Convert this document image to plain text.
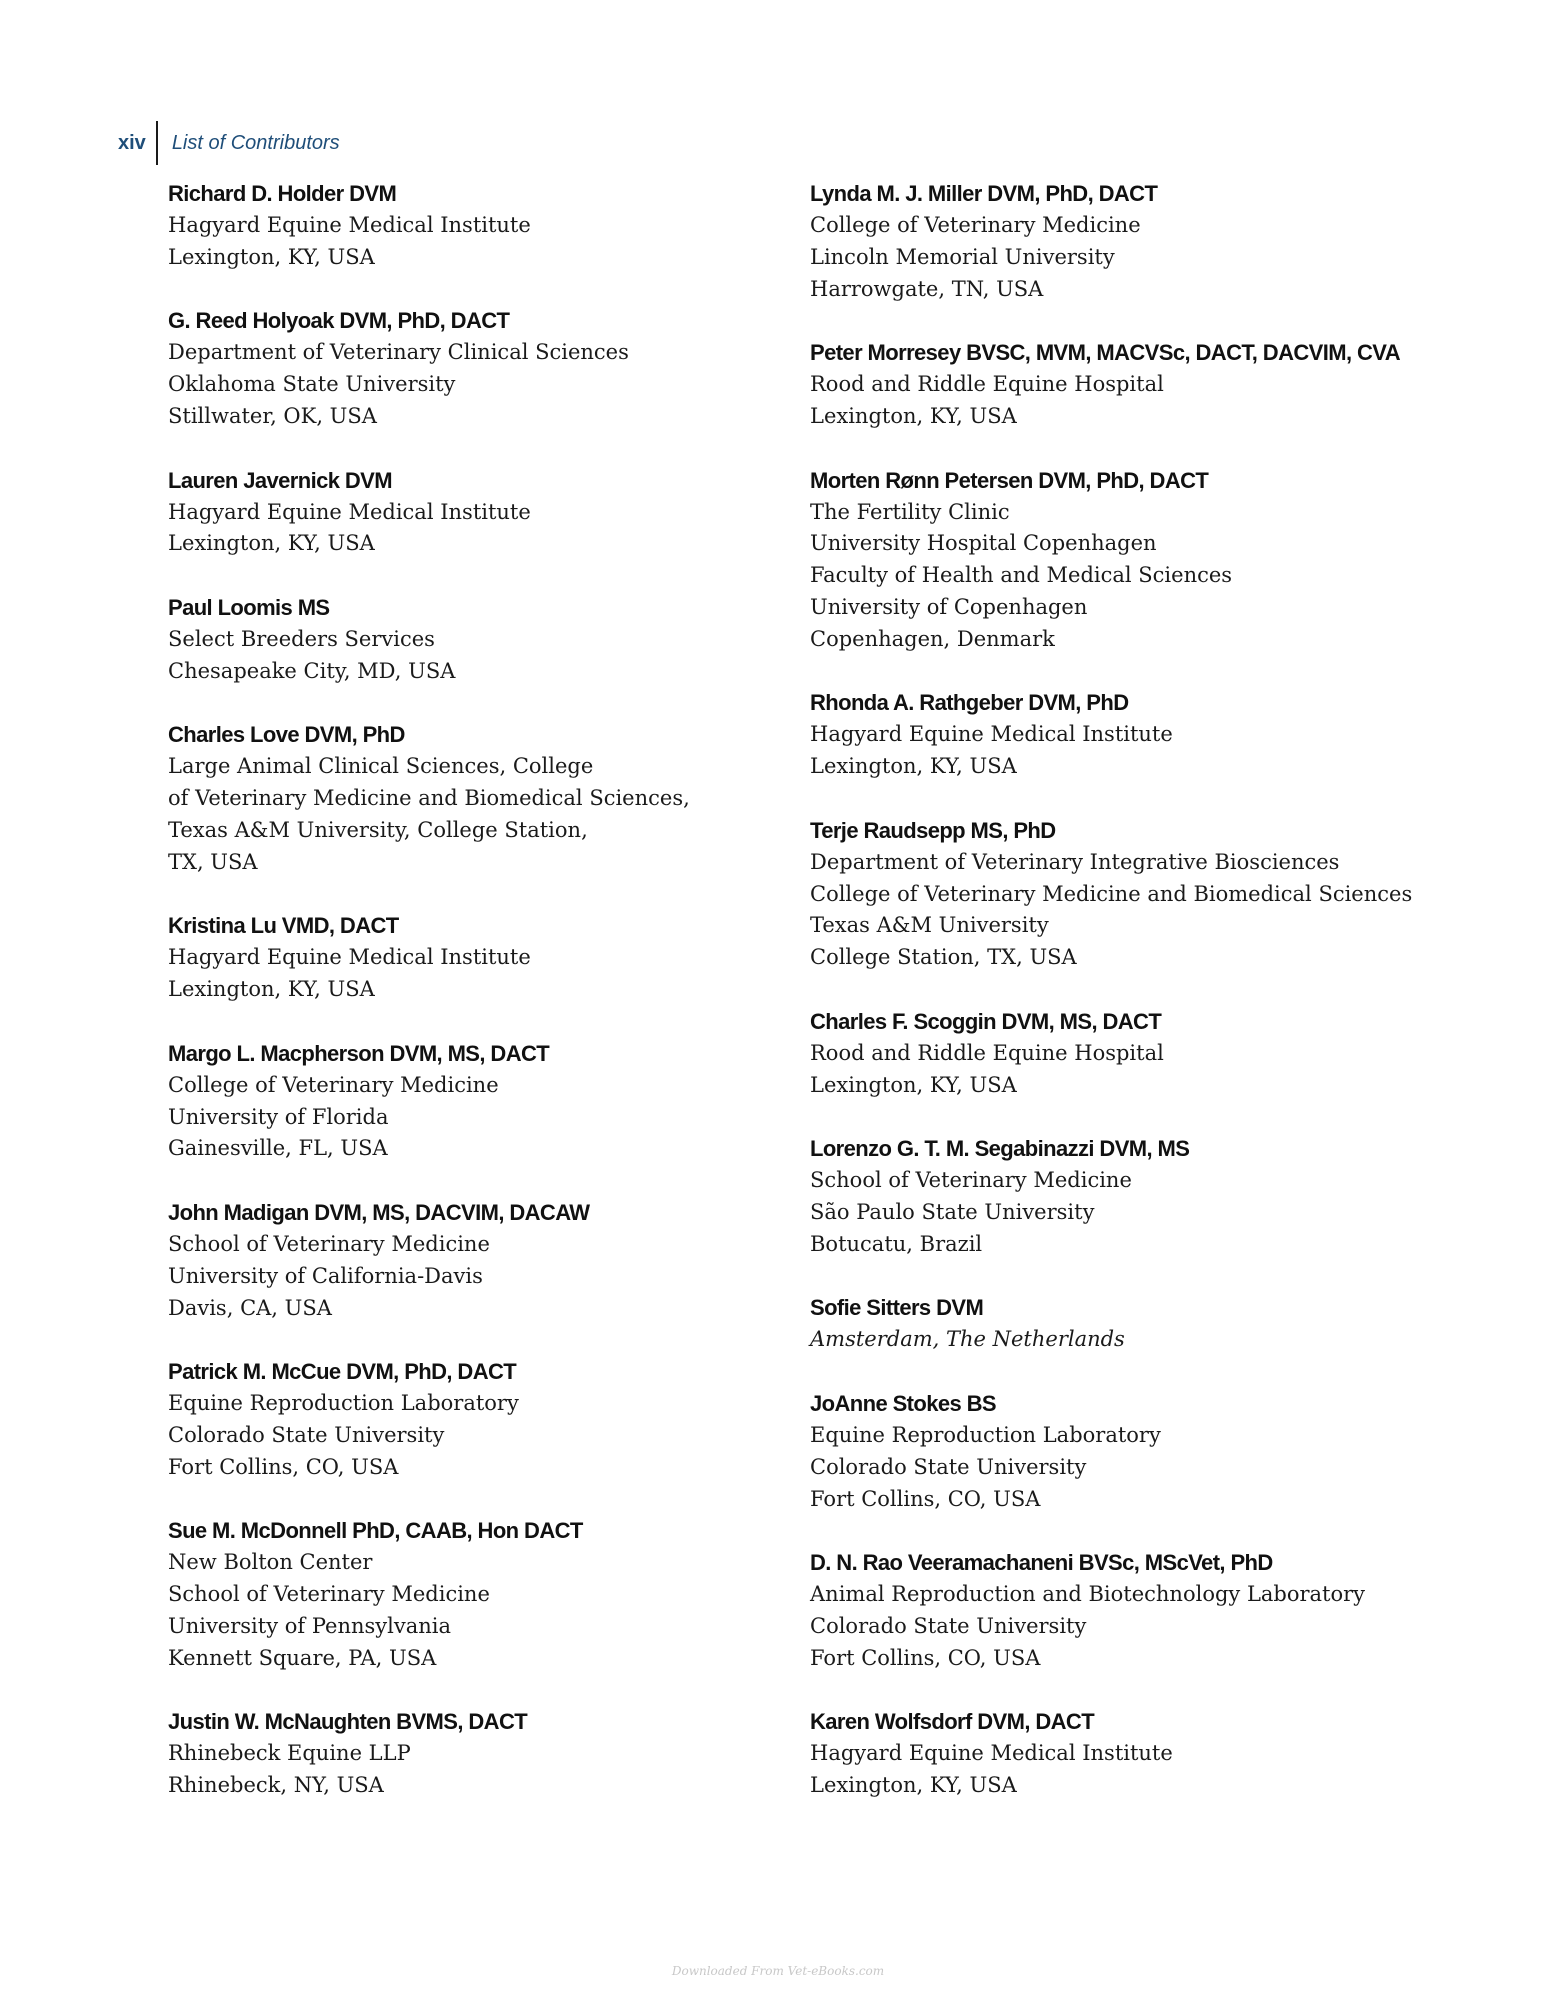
xiv	List of Contributors
Richard D. Holder DVM
Hagyard Equine Medical Institute
Lexington, KY, USA
G. Reed Holyoak DVM, PhD, DACT
Department of Veterinary Clinical Sciences
Oklahoma State University
Stillwater, OK, USA
Lauren Javernick DVM
Hagyard Equine Medical Institute
Lexington, KY, USA
Paul Loomis MS
Select Breeders Services
Chesapeake City, MD, USA
Charles Love DVM, PhD
Large Animal Clinical Sciences, College
of Veterinary Medicine and Biomedical Sciences,
Texas A&M University, College Station,
TX, USA
Kristina Lu VMD, DACT
Hagyard Equine Medical Institute
Lexington, KY, USA
Margo L. Macpherson DVM, MS, DACT
College of Veterinary Medicine
University of Florida
Gainesville, FL, USA
John Madigan DVM, MS, DACVIM, DACAW
School of Veterinary Medicine
University of California-Davis
Davis, CA, USA
Patrick M. McCue DVM, PhD, DACT
Equine Reproduction Laboratory
Colorado State University
Fort Collins, CO, USA
Sue M. McDonnell PhD, CAAB, Hon DACT
New Bolton Center
School of Veterinary Medicine
University of Pennsylvania
Kennett Square, PA, USA
Justin W. McNaughten BVMS, DACT
Rhinebeck Equine LLP
Rhinebeck, NY, USA
Lynda M. J. Miller DVM, PhD, DACT
College of Veterinary Medicine
Lincoln Memorial University
Harrowgate, TN, USA
Peter Morresey BVSC, MVM, MACVSc, DACT, DACVIM, CVA
Rood and Riddle Equine Hospital
Lexington, KY, USA
Morten Rønn Petersen DVM, PhD, DACT
The Fertility Clinic
University Hospital Copenhagen
Faculty of Health and Medical Sciences
University of Copenhagen
Copenhagen, Denmark
Rhonda A. Rathgeber DVM, PhD
Hagyard Equine Medical Institute
Lexington, KY, USA
Terje Raudsepp MS, PhD
Department of Veterinary Integrative Biosciences
College of Veterinary Medicine and Biomedical Sciences
Texas A&M University
College Station, TX, USA
Charles F. Scoggin DVM, MS, DACT
Rood and Riddle Equine Hospital
Lexington, KY, USA
Lorenzo G. T. M. Segabinazzi DVM, MS
School of Veterinary Medicine
São Paulo State University
Botucatu, Brazil
Sofie Sitters DVM
Amsterdam, The Netherlands
JoAnne Stokes BS
Equine Reproduction Laboratory
Colorado State University
Fort Collins, CO, USA
D. N. Rao Veeramachaneni BVSc, MScVet, PhD
Animal Reproduction and Biotechnology Laboratory
Colorado State University
Fort Collins, CO, USA
Karen Wolfsdorf DVM, DACT
Hagyard Equine Medical Institute
Lexington, KY, USA
Downloaded From Vet-eBooks.com
